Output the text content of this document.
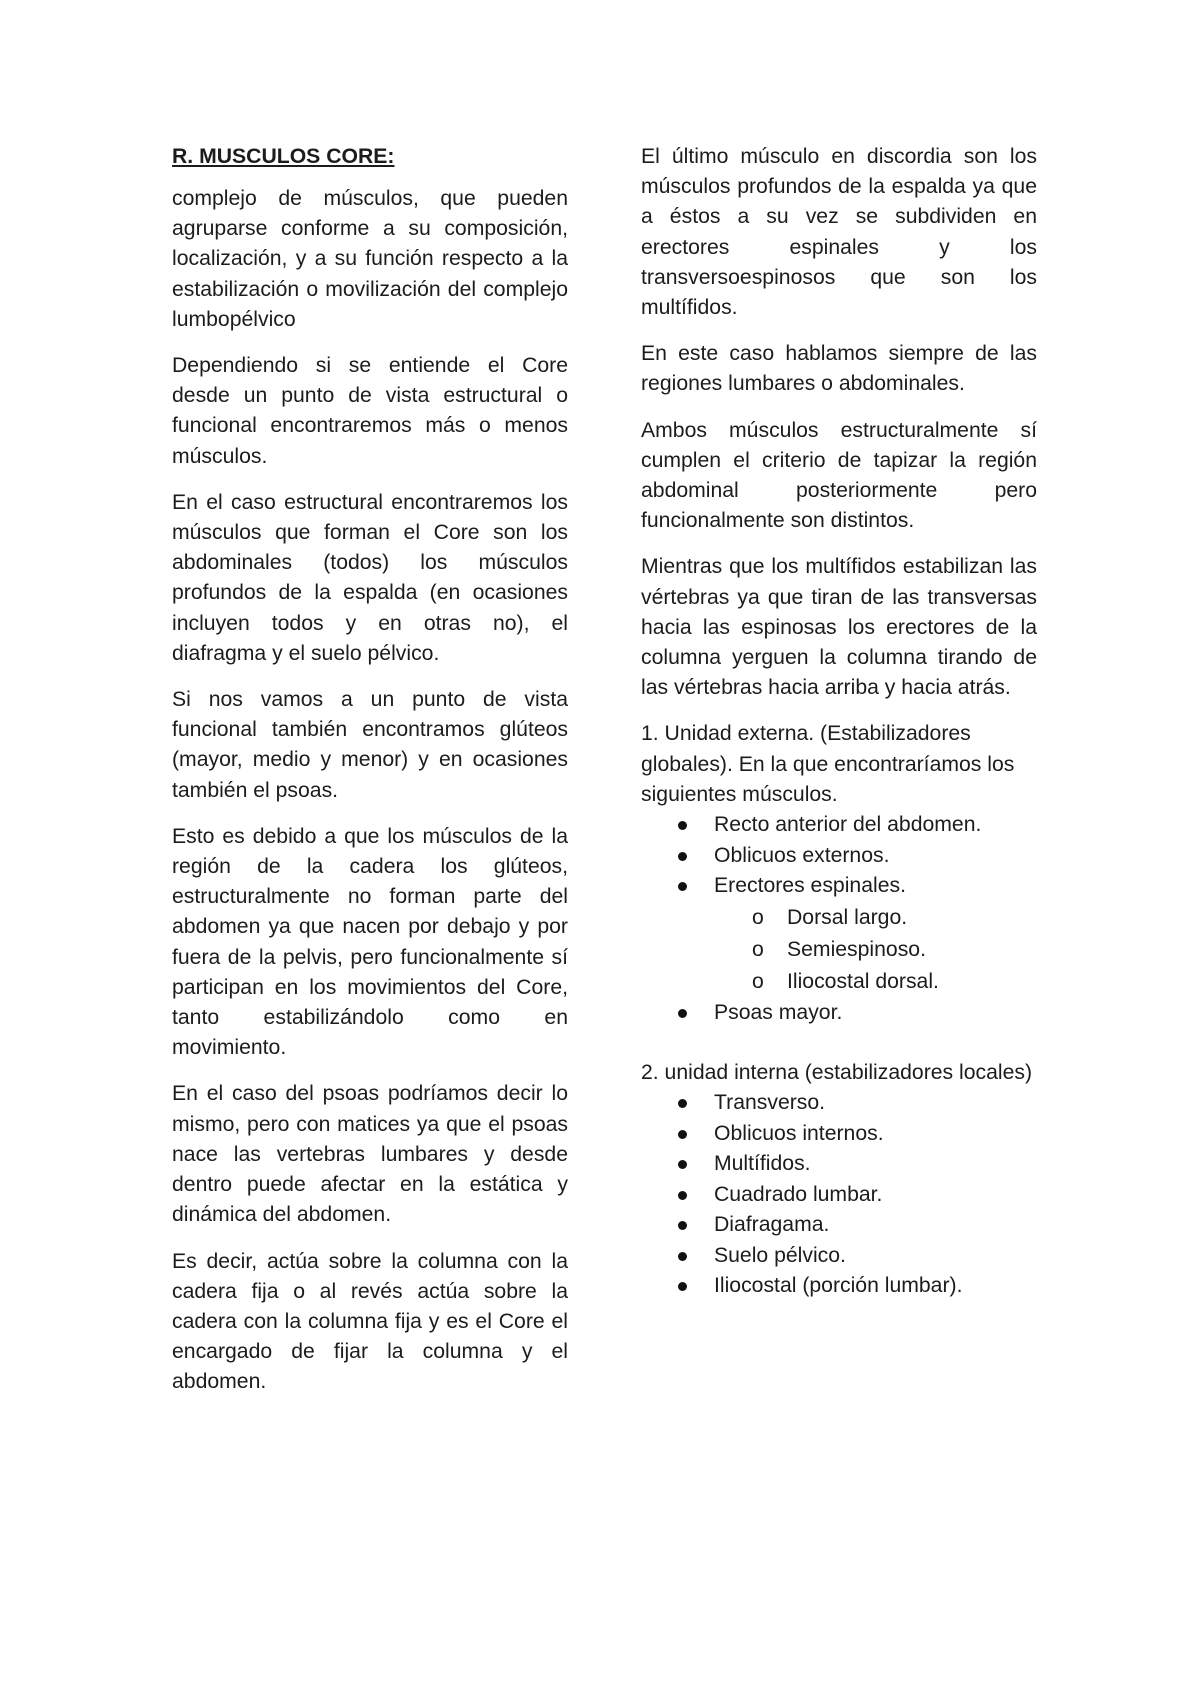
R. MUSCULOS CORE:

complejo de músculos, que pueden agruparse conforme a su composición, localización, y a su función respecto a la estabilización o movilización del complejo lumbopélvico

Dependiendo si se entiende el Core desde un punto de vista estructural o funcional encontraremos más o menos músculos.

En el caso estructural encontraremos los músculos que forman el Core son los abdominales (todos) los músculos profundos de la espalda (en ocasiones incluyen todos y en otras no), el diafragma y el suelo pélvico.

Si nos vamos a un punto de vista funcional también encontramos glúteos (mayor, medio y menor) y en ocasiones también el psoas.

Esto es debido a que los músculos de la región de la cadera los glúteos, estructuralmente no forman parte del abdomen ya que nacen por debajo y por fuera de la pelvis, pero funcionalmente sí participan en los movimientos del Core, tanto estabilizándolo como en movimiento.

En el caso del psoas podríamos decir lo mismo, pero con matices ya que el psoas nace las vertebras lumbares y desde dentro puede afectar en la estática y dinámica del abdomen.

Es decir, actúa sobre la columna con la cadera fija o al revés actúa sobre la cadera con la columna fija y es el Core el encargado de fijar la columna y el abdomen.

El último músculo en discordia son los músculos profundos de la espalda ya que a éstos a su vez se subdividen en erectores espinales y los transversoespinosos que son los multífidos.

En este caso hablamos siempre de las regiones lumbares o abdominales.

Ambos músculos estructuralmente sí cumplen el criterio de tapizar la región abdominal posteriormente pero funcionalmente son distintos.

Mientras que los multífidos estabilizan las vértebras ya que tiran de las transversas hacia las espinosas los erectores de la columna yerguen la columna tirando de las vértebras hacia arriba y hacia atrás.

1. Unidad externa. (Estabilizadores globales). En la que encontraríamos los siguientes músculos.

Recto anterior del abdomen.
Oblicuos externos.
Erectores espinales.
o Dorsal largo.
o Semiespinoso.
o Iliocostal dorsal.
Psoas mayor.

2. unidad interna (estabilizadores locales)

Transverso.
Oblicuos internos.
Multífidos.
Cuadrado lumbar.
Diafragama.
Suelo pélvico.
Iliocostal (porción lumbar).
